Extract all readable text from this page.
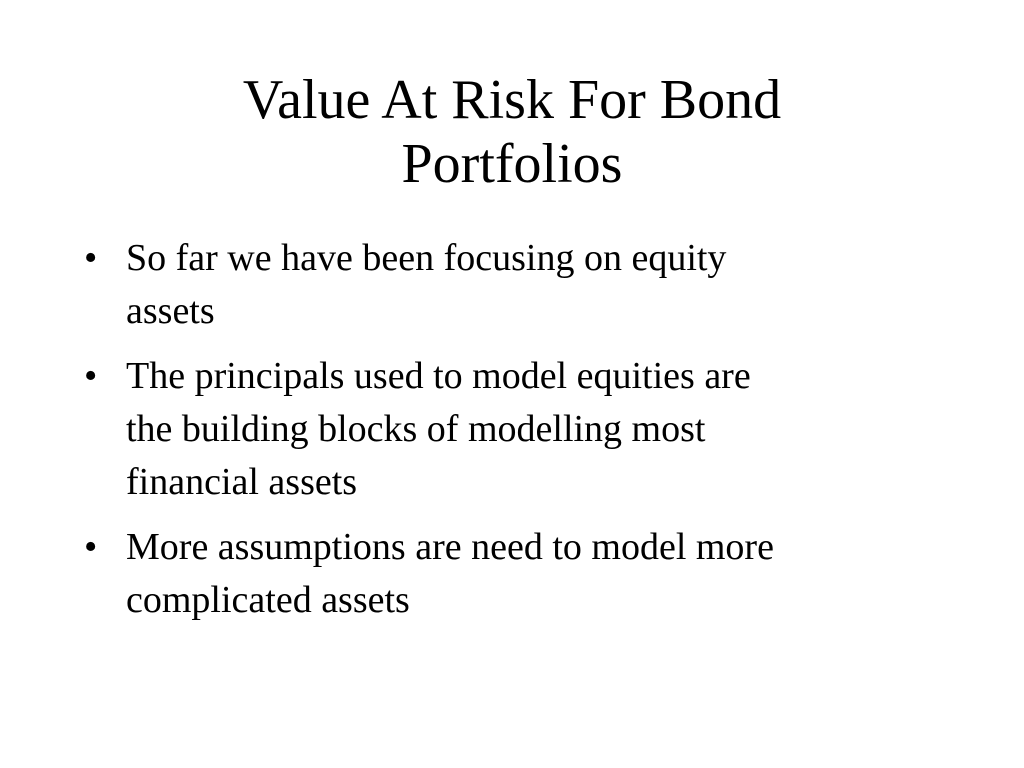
Value At Risk For Bond
Portfolios
• So far we have been focusing on equity
assets
• The principals used to model equities are
the building blocks of modelling most
financial assets
• More assumptions are need to model more
complicated assets
